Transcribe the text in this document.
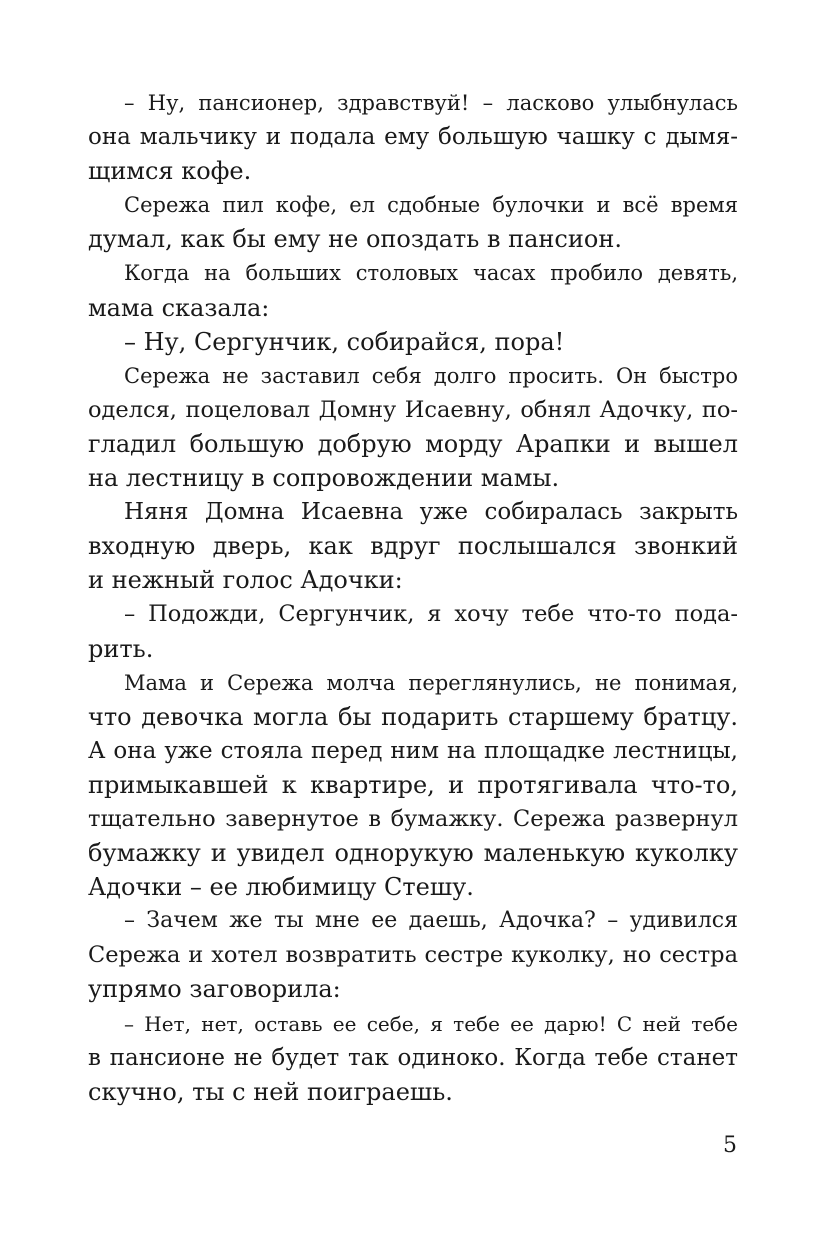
– Ну, пансионер, здравствуй! – ласково улыбнулась
она мальчику и подала ему большую чашку с дымя-
щимся кофе.
Сережа пил кофе, ел сдобные булочки и всё время
думал, как бы ему не опоздать в пансион.
Когда на больших столовых часах пробило девять,
мама сказала:
– Ну, Сергунчик, собирайся, пора!
Сережа не заставил себя долго просить. Он быстро
оделся, поцеловал Домну Исаевну, обнял Адочку, по-
гладил большую добрую морду Арапки и вышел
на лестницу в сопровождении мамы.
Няня Домна Исаевна уже собиралась закрыть
входную дверь, как вдруг послышался звонкий
и нежный голос Адочки:
– Подожди, Сергунчик, я хочу тебе что-то пода-
рить.
Мама и Сережа молча переглянулись, не понимая,
что девочка могла бы подарить старшему братцу.
А она уже стояла перед ним на площадке лестницы,
примыкавшей к квартире, и протягивала что-то,
тщательно завернутое в бумажку. Сережа развернул
бумажку и увидел однорукую маленькую куколку
Адочки – ее любимицу Стешу.
– Зачем же ты мне ее даешь, Адочка? – удивился
Сережа и хотел возвратить сестре куколку, но сестра
упрямо заговорила:
– Нет, нет, оставь ее себе, я тебе ее дарю! С ней тебе
в пансионе не будет так одиноко. Когда тебе станет
скучно, ты с ней поиграешь.
5
